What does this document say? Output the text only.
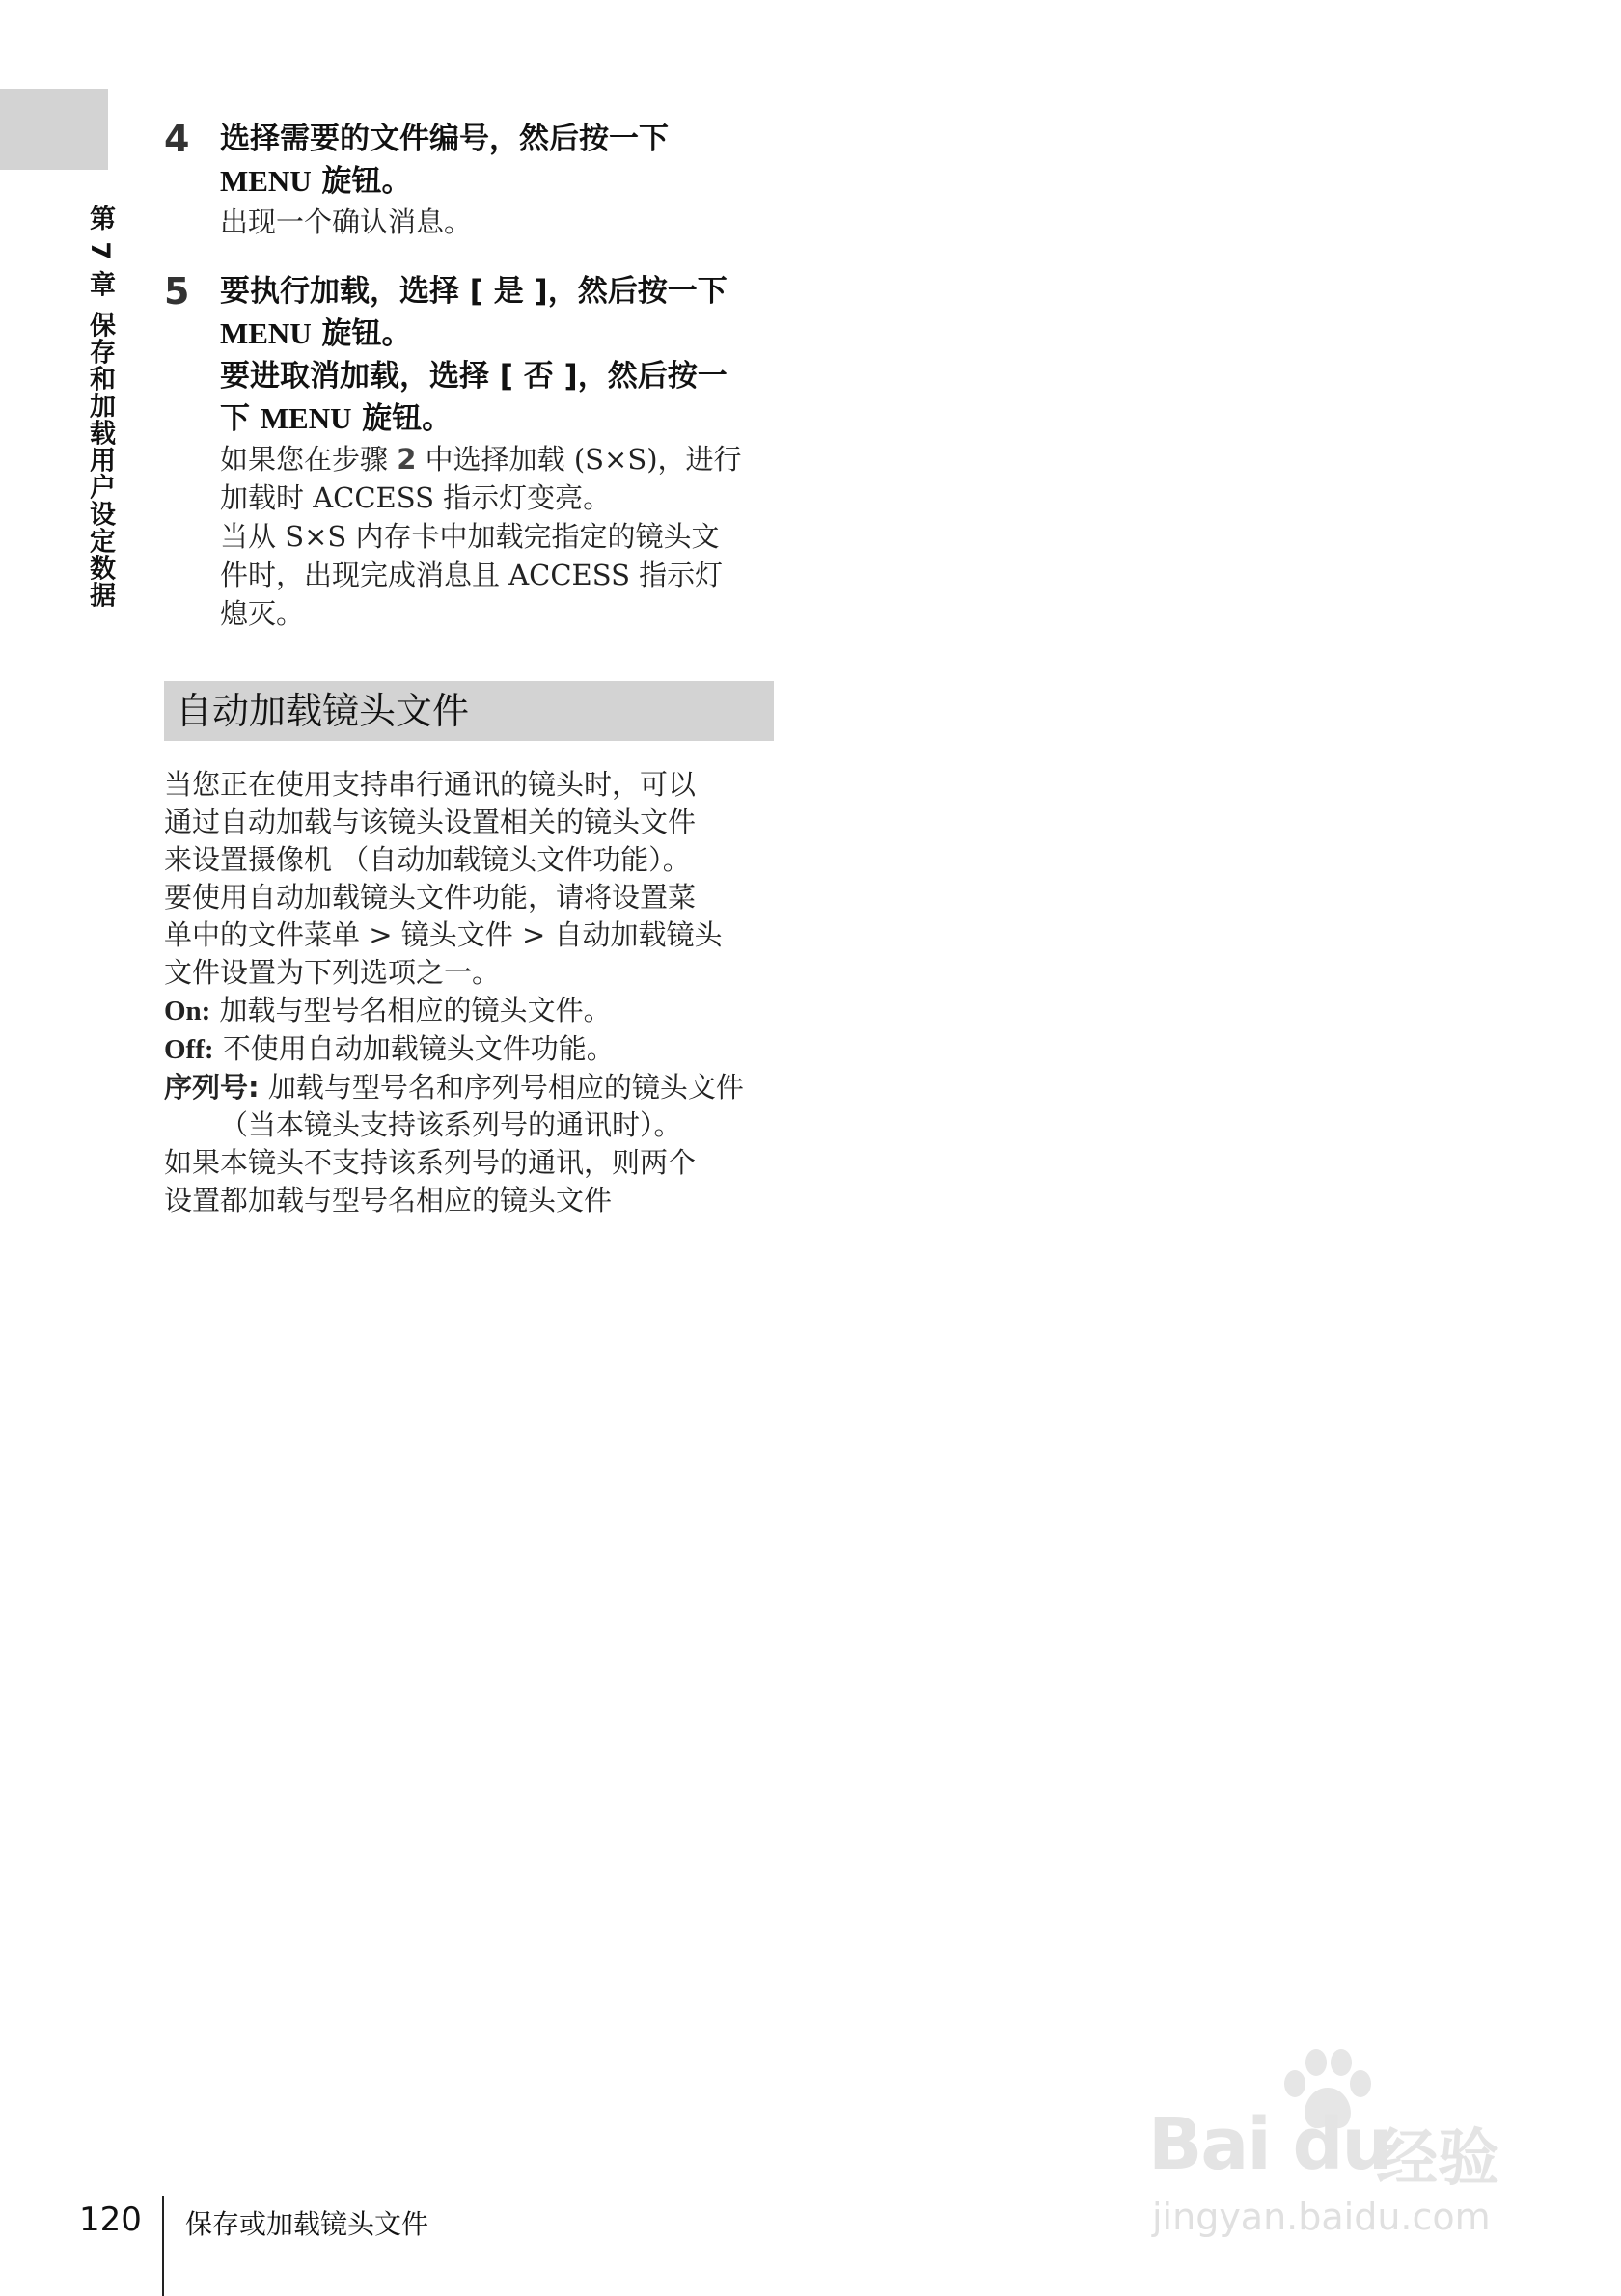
第 7 章保存和加载用户设定数据
4 选择需要的文件编号，然后按一下
MENU 旋钮。
出现一个确认消息。
5 要执行加载，选择 [ 是 ]，然后按一下
MENU 旋钮。
要进取消加载，选择 [ 否 ]，然后按一
下 MENU 旋钮。
如果您在步骤 2 中选择加载 (S×S)，进行
加载时 ACCESS 指示灯变亮。
当从 S×S 内存卡中加载完指定的镜头文
件时，出现完成消息且 ACCESS 指示灯
熄灭。
自动加载镜头文件

当您正在使用支持串行通讯的镜头时，可以

通过自动加载与该镜头设置相关的镜头文件

来设置摄像机 （自动加载镜头文件功能）。

要使用自动加载镜头文件功能，请将设置菜

单中的文件菜单 > 镜头文件 > 自动加载镜头

文件设置为下列选项之一。

On: 加载与型号名相应的镜头文件。

Off: 不使用自动加载镜头文件功能。

序列号: 加载与型号名和序列号相应的镜头文件 （当本镜头支持该系列号的通讯时）。

如果本镜头不支持该系列号的通讯，则两个

设置都加载与型号名相应的镜头文件

120 保存或加载镜头文件
Bai du
经验
jingyan.baidu.com
